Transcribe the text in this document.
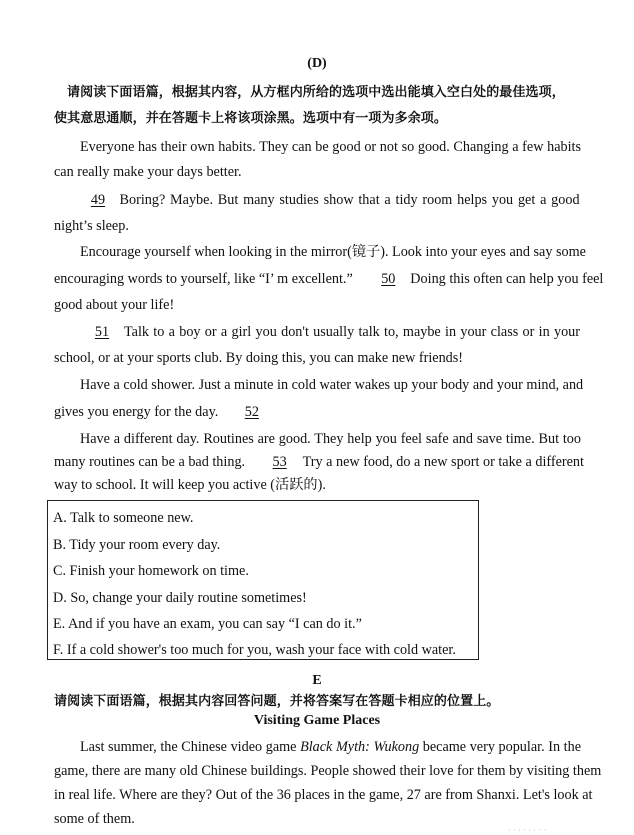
(D)
请阅读下面语篇，根据其内容，从方框内所给的选项中选出能填入空白处的最佳选项，
使其意思通顺，并在答题卡上将该项涂黑。选项中有一项为多余项。
Everyone has their own habits. They can be good or not so good. Changing a few habits
can really make your days better.
49 Boring? Maybe. But many studies show that a tidy room helps you get a good
night’s sleep.
Encourage yourself when looking in the mirror(镜子). Look into your eyes and say some
encouraging words to yourself, like “I’ m excellent.” 50 Doing this often can help you feel
good about your life!
51 Talk to a boy or a girl you don't usually talk to, maybe in your class or in your
school, or at your sports club. By doing this, you can make new friends!
Have a cold shower. Just a minute in cold water wakes up your body and your mind, and
gives you energy for the day. 52
Have a different day. Routines are good. They help you feel safe and save time. But too
many routines can be a bad thing. 53 Try a new food, do a new sport or take a different
way to school. It will keep you active (活跃的).
A. Talk to someone new.
B. Tidy your room every day.
C. Finish your homework on time.
D. So, change your daily routine sometimes!
E. And if you have an exam, you can say “I can do it.”
F. If a cold shower's too much for you, wash your face with cold water.
E
请阅读下面语篇，根据其内容回答问题，并将答案写在答题卡相应的位置上。
Visiting Game Places
Last summer, the Chinese video game Black Myth: Wukong became very popular. In the
game, there are many old Chinese buildings. People showed their love for them by visiting them
in real life. Where are they? Out of the 36 places in the game, 27 are from Shanxi. Let's look at
some of them.
· · · · · · · ·
